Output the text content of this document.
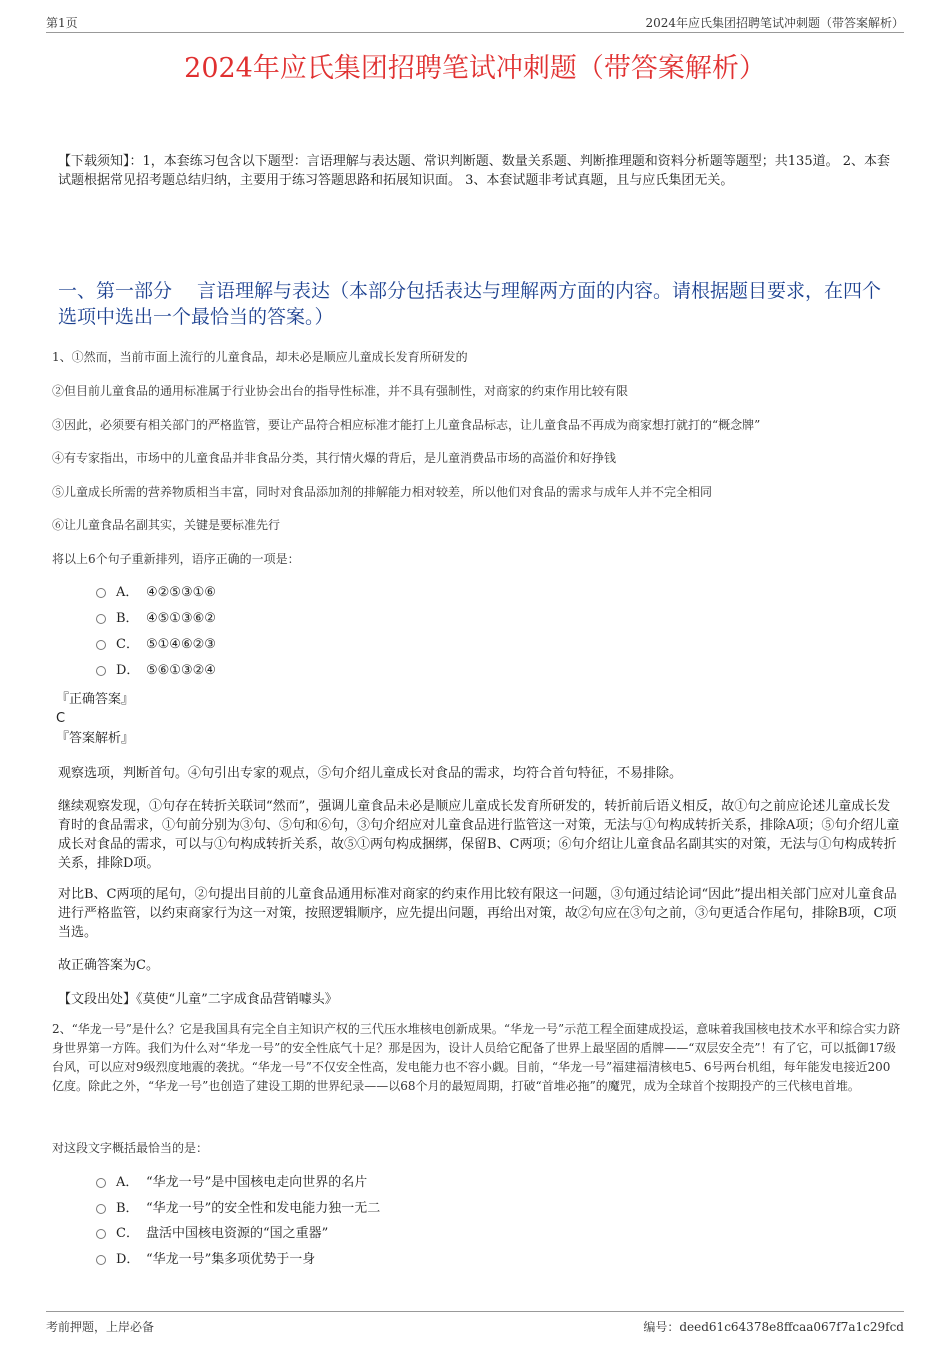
第1页	2024年应氏集团招聘笔试冲刺题（带答案解析）
2024年应氏集团招聘笔试冲刺题（带答案解析）
【下载须知】：1，本套练习包含以下题型：言语理解与表达题、常识判断题、数量关系题、判断推理题和资料分析题等题型；共135道。 2、本套试题根据常见招考题总结归纳，主要用于练习答题思路和拓展知识面。 3、本套试题非考试真题，且与应氏集团无关。
一、第一部分　 言语理解与表达（本部分包括表达与理解两方面的内容。请根据题目要求，在四个选项中选出一个最恰当的答案。）
1、①然而，当前市面上流行的儿童食品，却未必是顺应儿童成长发育所研发的
②但目前儿童食品的通用标准属于行业协会出台的指导性标准，并不具有强制性，对商家的约束作用比较有限
③因此，必须要有相关部门的严格监管，要让产品符合相应标准才能打上儿童食品标志，让儿童食品不再成为商家想打就打的“概念牌”
④有专家指出，市场中的儿童食品并非食品分类，其行情火爆的背后，是儿童消费品市场的高溢价和好挣钱
⑤儿童成长所需的营养物质相当丰富，同时对食品添加剂的排解能力相对较差，所以他们对食品的需求与成年人并不完全相同
⑥让儿童食品名副其实，关键是要标准先行
将以上6个句子重新排列，语序正确的一项是：
A． ④②⑤③①⑥
B． ④⑤①③⑥②
C． ⑤①④⑥②③
D． ⑤⑥①③②④
『正确答案』
C
『答案解析』
观察选项，判断首句。④句引出专家的观点，⑤句介绍儿童成长对食品的需求，均符合首句特征，不易排除。
继续观察发现，①句存在转折关联词“然而”，强调儿童食品未必是顺应儿童成长发育所研发的，转折前后语义相反，故①句之前应论述儿童成长发育时的食品需求，①句前分别为③句、⑤句和⑥句，③句介绍应对儿童食品进行监管这一对策，无法与①句构成转折关系，排除A项；⑤句介绍儿童成长对食品的需求，可以与①句构成转折关系，故⑤①两句构成捆绑，保留B、C两项；⑥句介绍让儿童食品名副其实的对策，无法与①句构成转折关系，排除D项。
对比B、C两项的尾句，②句提出目前的儿童食品通用标准对商家的约束作用比较有限这一问题，③句通过结论词“因此”提出相关部门应对儿童食品进行严格监管，以约束商家行为这一对策，按照逻辑顺序，应先提出问题，再给出对策，故②句应在③句之前，③句更适合作尾句，排除B项，C项当选。
故正确答案为C。
【文段出处】《莫使“儿童”二字成食品营销噱头》
2、“华龙一号”是什么？它是我国具有完全自主知识产权的三代压水堆核电创新成果。“华龙一号”示范工程全面建成投运，意味着我国核电技术水平和综合实力跻身世界第一方阵。我们为什么对“华龙一号”的安全性底气十足？那是因为，设计人员给它配备了世界上最坚固的盾牌——“双层安全壳”！有了它，可以抵御17级台风，可以应对9级烈度地震的袭扰。“华龙一号”不仅安全性高，发电能力也不容小觑。目前，“华龙一号”福建福清核电5、6号两台机组，每年能发电接近200亿度。除此之外，“华龙一号”也创造了建设工期的世界纪录——以68个月的最短周期，打破“首堆必拖”的魔咒，成为全球首个按期投产的三代核电首堆。
对这段文字概括最恰当的是：
A． “华龙一号”是中国核电走向世界的名片
B． “华龙一号”的安全性和发电能力独一无二
C． 盘活中国核电资源的“国之重器”
D． “华龙一号”集多项优势于一身
考前押题，上岸必备	编号：deed61c64378e8ffcaa067f7a1c29fcd
